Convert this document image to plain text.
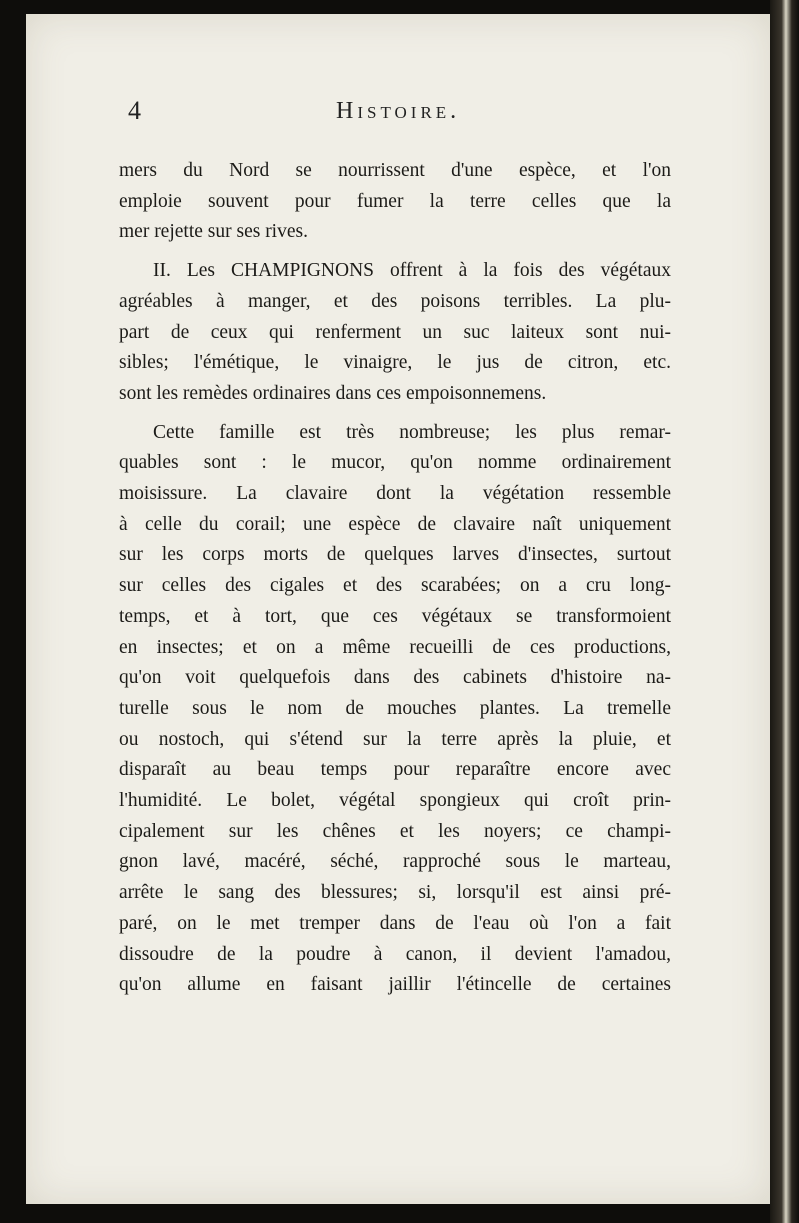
4	Histoire.

mers du Nord se nourrissent d'une espèce, et l'on
emploie souvent pour fumer la terre celles que la
mer rejette sur ses rives.

II. Les CHAMPIGNONS offrent à la fois des végétaux
agréables à manger, et des poisons terribles. La plu-
part de ceux qui renferment un suc laiteux sont nui-
sibles; l'émétique, le vinaigre, le jus de citron, etc.
sont les remèdes ordinaires dans ces empoisonnemens.

Cette famille est très nombreuse; les plus remar-
quables sont : le mucor, qu'on nomme ordinairement
moisissure. La clavaire dont la végétation ressemble
à celle du corail; une espèce de clavaire naît uniquement
sur les corps morts de quelques larves d'insectes, surtout
sur celles des cigales et des scarabées; on a cru long-
temps, et à tort, que ces végétaux se transformoient
en insectes; et on a même recueilli de ces productions,
qu'on voit quelquefois dans des cabinets d'histoire na-
turelle sous le nom de mouches plantes. La tremelle
ou nostoch, qui s'étend sur la terre après la pluie, et
disparaît au beau temps pour reparaître encore avec
l'humidité. Le bolet, végétal spongieux qui croît prin-
cipalement sur les chênes et les noyers; ce champi-
gnon lavé, macéré, séché, rapproché sous le marteau,
arrête le sang des blessures; si, lorsqu'il est ainsi pré-
paré, on le met tremper dans de l'eau où l'on a fait
dissoudre de la poudre à canon, il devient l'amadou,
qu'on allume en faisant jaillir l'étincelle de certaines
